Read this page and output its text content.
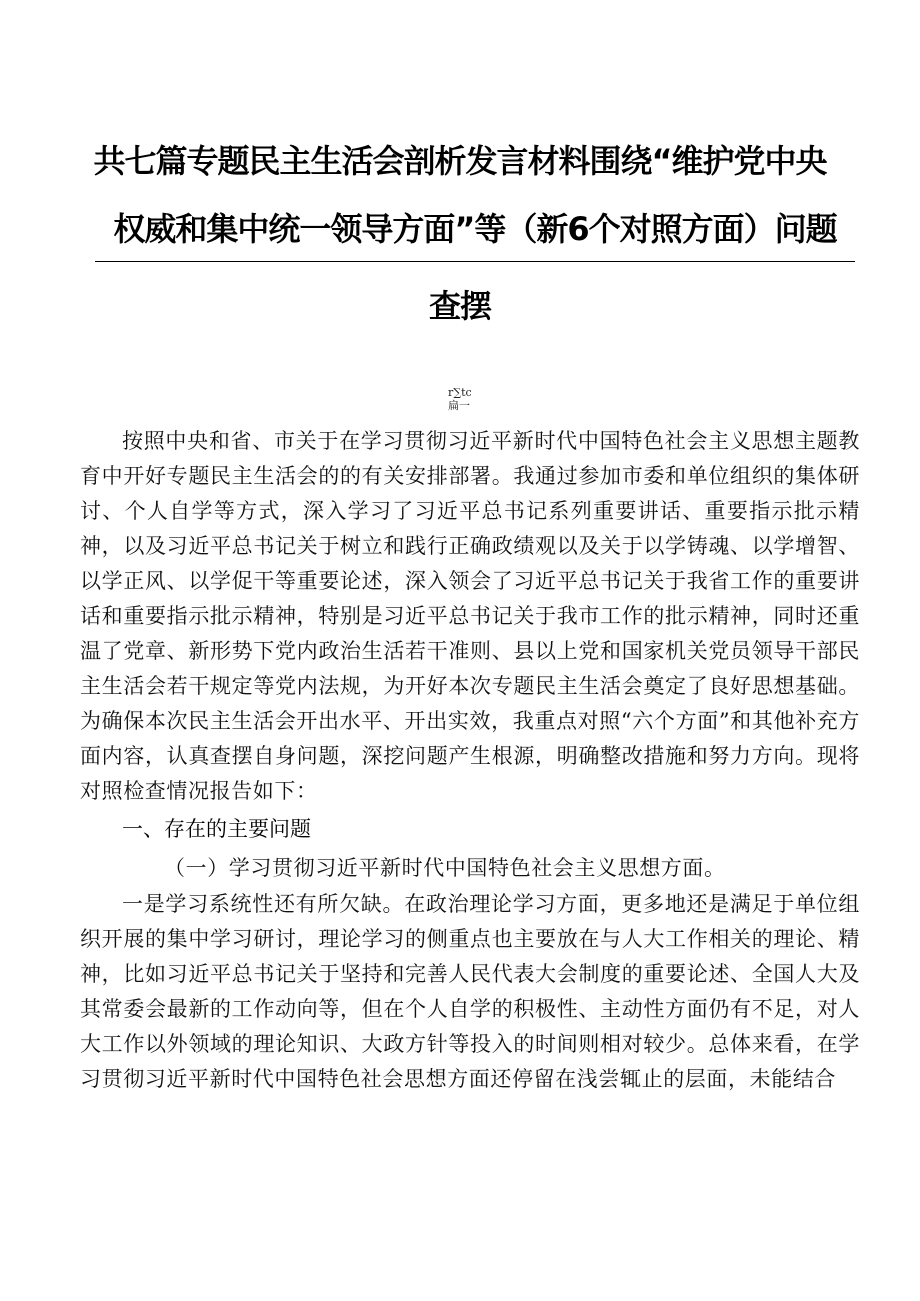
共七篇专题民主生活会剖析发言材料围绕“维护党中央
权威和集中统一领导方面”等（新6个对照方面）问题
查摆
r∑tc
扁一

按照中央和省、市关于在学习贯彻习近平新时代中国特色社会主义思想主题教育中开好专题民主生活会的的有关安排部署。我通过参加市委和单位组织的集体研讨、个人自学等方式，深入学习了习近平总书记系列重要讲话、重要指示批示精神，以及习近平总书记关于树立和践行正确政绩观以及关于以学铸魂、以学增智、以学正风、以学促干等重要论述，深入领会了习近平总书记关于我省工作的重要讲话和重要指示批示精神，特别是习近平总书记关于我市工作的批示精神，同时还重温了党章、新形势下党内政治生活若干准则、县以上党和国家机关党员领导干部民主生活会若干规定等党内法规，为开好本次专题民主生活会奠定了良好思想基础。为确保本次民主生活会开出水平、开出实效，我重点对照“六个方面”和其他补充方面内容，认真查摆自身问题，深挖问题产生根源，明确整改措施和努力方向。现将对照检查情况报告如下：

一、存在的主要问题

（一）学习贯彻习近平新时代中国特色社会主义思想方面。

一是学习系统性还有所欠缺。在政治理论学习方面，更多地还是满足于单位组织开展的集中学习研讨，理论学习的侧重点也主要放在与人大工作相关的理论、精神，比如习近平总书记关于坚持和完善人民代表大会制度的重要论述、全国人大及其常委会最新的工作动向等，但在个人自学的积极性、主动性方面仍有不足，对人大工作以外领域的理论知识、大政方针等投入的时间则相对较少。总体来看，在学习贯彻习近平新时代中国特色社会思想方面还停留在浅尝辄止的层面，未能结合
